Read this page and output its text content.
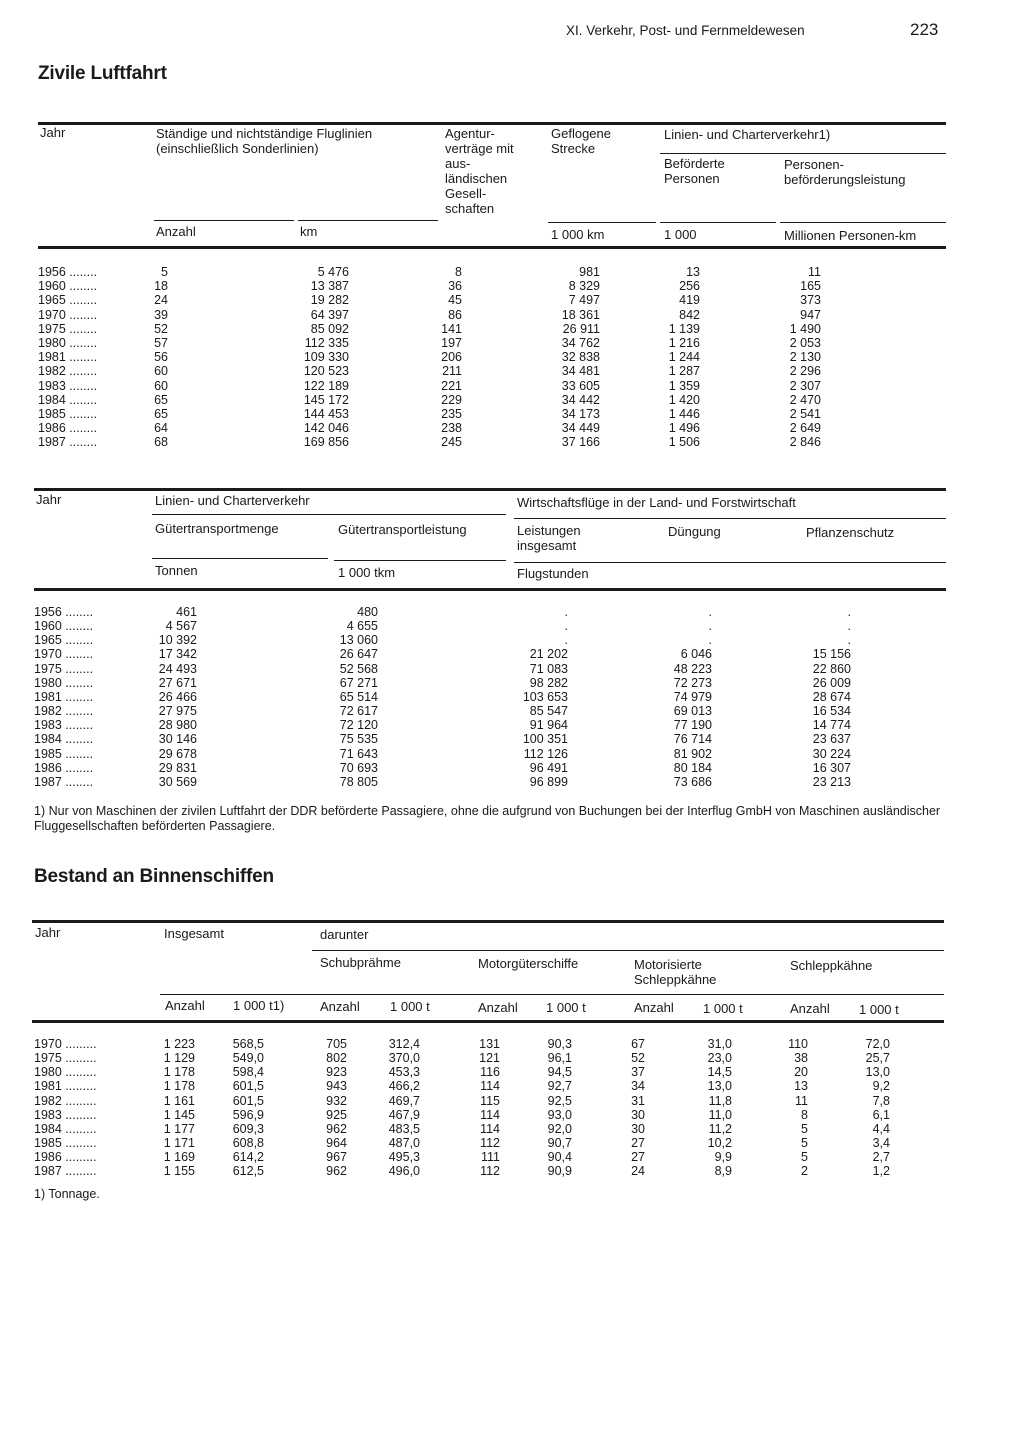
XI. Verkehr, Post- und Fernmeldewesen	223
Zivile Luftfahrt
Jahr	Ständige und nichtständige Fluglinien (einschließlich Sonderlinien)
Agentur-verträge mit aus-ländischen Gesell-schaften
Geflogene Strecke
Linien- und Charterverkehr1)
Beförderte Personen
Personen-beförderungsleistung
Anzahl	km	1 000 km	1 000	Millionen Personen-km
1956 ........	5	5 476	8	981	13	11
1960 ........	18	13 387	36	8 329	256	165
1965 ........	24	19 282	45	7 497	419	373
1970 ........	39	64 397	86	18 361	842	947
1975 ........	52	85 092	141	26 911	1 139	1 490
1980 ........	57	112 335	197	34 762	1 216	2 053
1981 ........	56	109 330	206	32 838	1 244	2 130
1982 ........	60	120 523	211	34 481	1 287	2 296
1983 ........	60	122 189	221	33 605	1 359	2 307
1984 ........	65	145 172	229	34 442	1 420	2 470
1985 ........	65	144 453	235	34 173	1 446	2 541
1986 ........	64	142 046	238	34 449	1 496	2 649
1987 ........	68	169 856	245	37 166	1 506	2 846
Jahr	Linien- und Charterverkehr	Wirtschaftsflüge in der Land- und Forstwirtschaft
Gütertransportmenge	Gütertransportleistung	Leistungen insgesamt
Düngung	Pflanzenschutz
Tonnen	1 000 tkm	Flugstunden
1956 ........	461	480	.	.	.
1960 ........	4 567	4 655	.	.	.
1965 ........	10 392	13 060	.	.	.
1970 ........	17 342	26 647	21 202	6 046	15 156
1975 ........	24 493	52 568	71 083	48 223	22 860
1980 ........	27 671	67 271	98 282	72 273	26 009
1981 ........	26 466	65 514	103 653	74 979	28 674
1982 ........	27 975	72 617	85 547	69 013	16 534
1983 ........	28 980	72 120	91 964	77 190	14 774
1984 ........	30 146	75 535	100 351	76 714	23 637
1985 ........	29 678	71 643	112 126	81 902	30 224
1986 ........	29 831	70 693	96 491	80 184	16 307
1987 ........	30 569	78 805	96 899	73 686	23 213
1) Nur von Maschinen der zivilen Luftfahrt der DDR beförderte Passagiere, ohne die aufgrund von Buchungen bei der Interflug GmbH von Maschinen ausländischer Fluggesellschaften beförderten Passagiere.
Bestand an Binnenschiffen
Jahr	Insgesamt	darunter
Schubprähme	Motorgüterschiffe	Motorisierte Schleppkähne
Schleppkähne
Anzahl 1 000 t1)	Anzahl 1 000 t	Anzahl 1 000 t	Anzahl 1 000 t	Anzahl 1 000 t
1970 .........	1 223	568,5	705	312,4	131	90,3	67	31,0	110	72,0
1975 .........	1 129	549,0	802	370,0	121	96,1	52	23,0	38	25,7
1980 .........	1 178	598,4	923	453,3	116	94,5	37	14,5	20	13,0
1981 .........	1 178	601,5	943	466,2	114	92,7	34	13,0	13	9,2
1982 .........	1 161	601,5	932	469,7	115	92,5	31	11,8	11	7,8
1983 .........	1 145	596,9	925	467,9	114	93,0	30	11,0	8	6,1
1984 .........	1 177	609,3	962	483,5	114	92,0	30	11,2	5	4,4
1985 .........	1 171	608,8	964	487,0	112	90,7	27	10,2	5	3,4
1986 .........	1 169	614,2	967	495,3	111	90,4	27	9,9	5	2,7
1987 .........	1 155	612,5	962	496,0	112	90,9	24	8,9	2	1,2
1) Tonnage.
